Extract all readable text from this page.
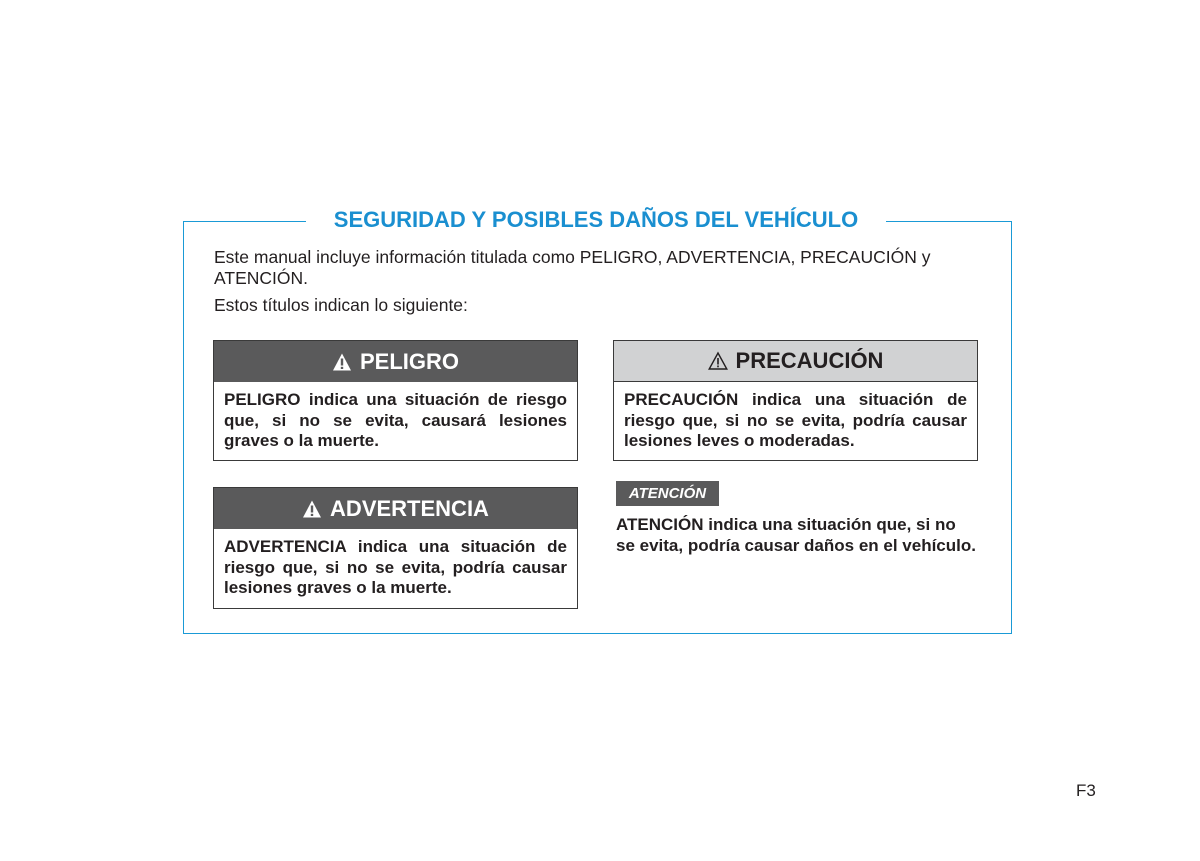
SEGURIDAD Y POSIBLES DAÑOS DEL VEHÍCULO

Este manual incluye información titulada como PELIGRO, ADVERTENCIA, PRECAUCIÓN y ATENCIÓN.

Estos títulos indican lo siguiente:

PELIGRO
PELIGRO indica una situación de riesgo que, si no se evita, causará lesiones graves o la muerte.
ADVERTENCIA
ADVERTENCIA indica una situación de riesgo que, si no se evita, podría causar lesiones graves o la muerte.
PRECAUCIÓN
PRECAUCIÓN indica una situación de riesgo que, si no se evita, podría causar lesiones leves o moderadas.
ATENCIÓN
ATENCIÓN indica una situación que, si no se evita, podría causar daños en el vehículo.
F3
